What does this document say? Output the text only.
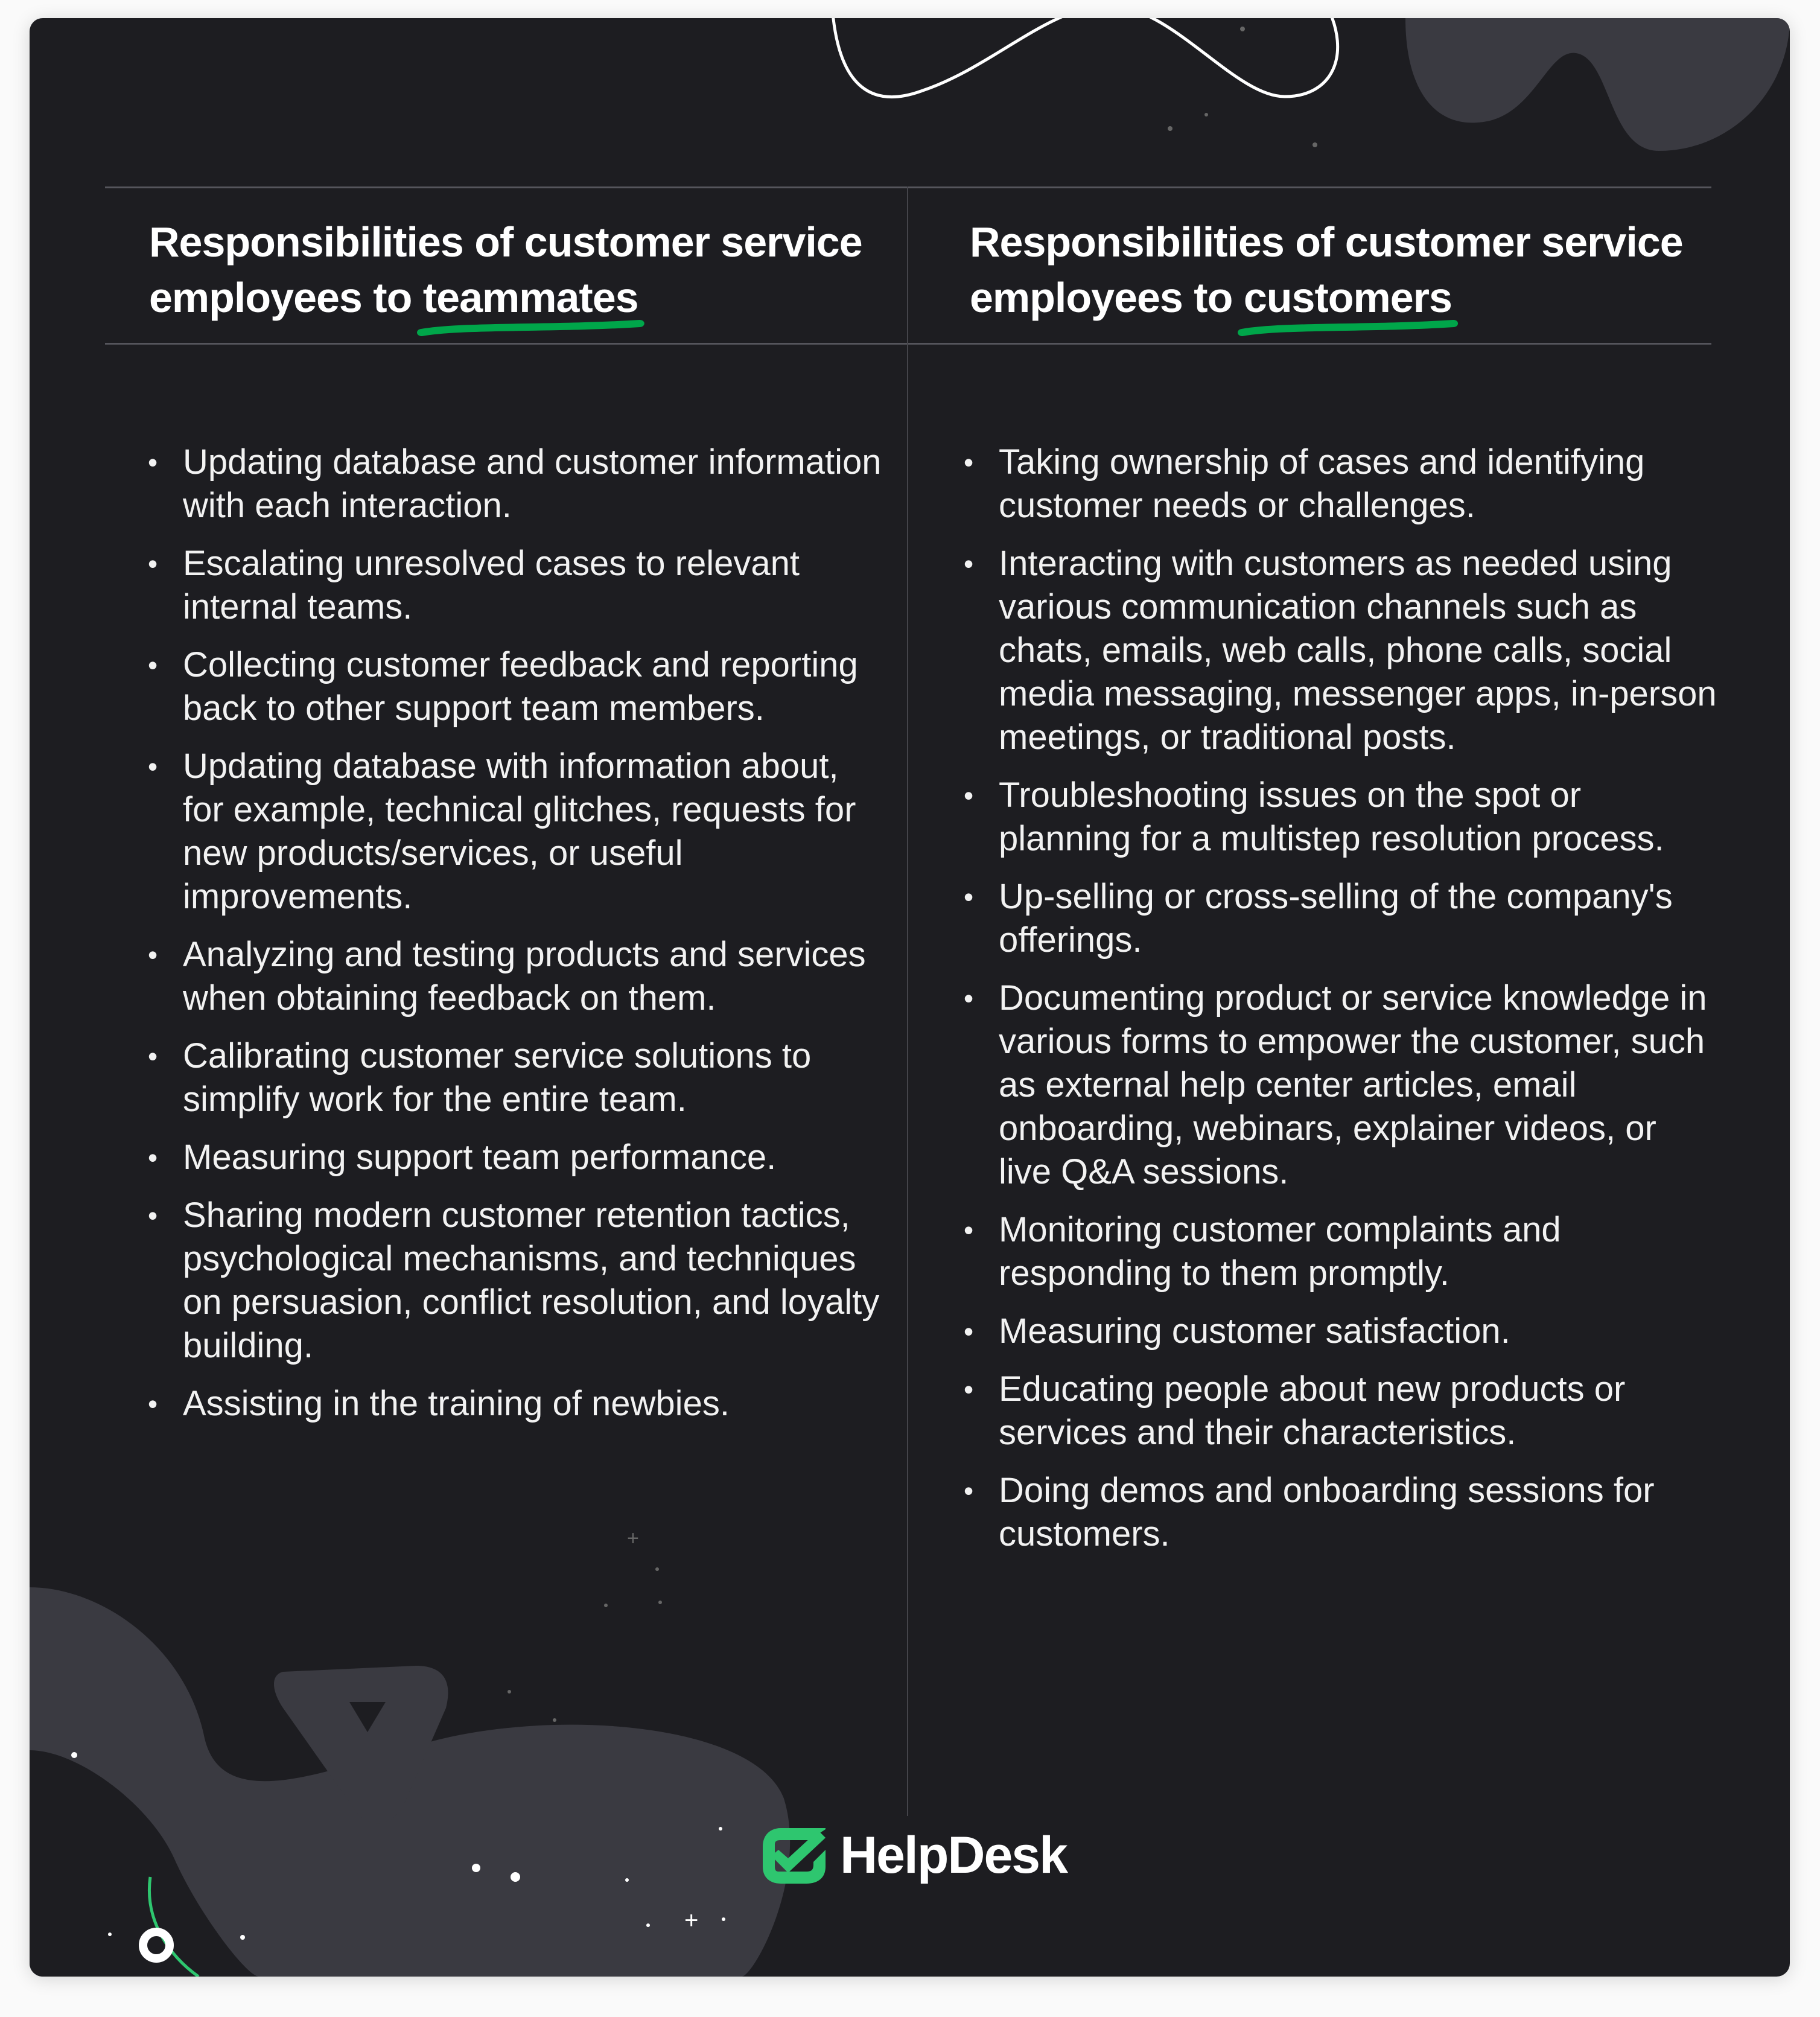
+
+
Responsibilities of customer service employees to teammates
Responsibilities of customer service employees to customers
• Updating database and customer information with each interaction.
• Escalating unresolved cases to relevant internal teams.
• Collecting customer feedback and reporting back to other support team members.
• Updating database with information about, for example, technical glitches, requests for new products/services, or useful improvements.
• Analyzing and testing products and services when obtaining feedback on them.
• Calibrating customer service solutions to simplify work for the entire team.
• Measuring support team performance.
• Sharing modern customer retention tactics, psychological mechanisms, and techniques on persuasion, conflict resolution, and loyalty building.
• Assisting in the training of newbies.
• Taking ownership of cases and identifying customer needs or challenges.
• Interacting with customers as needed using various communication channels such as chats, emails, web calls, phone calls, social media messaging, messenger apps, in-person meetings, or traditional posts.
• Troubleshooting issues on the spot or planning for a multistep resolution process.
• Up-selling or cross-selling of the company's offerings.
• Documenting product or service knowledge in various forms to empower the customer, such as external help center articles, email onboarding, webinars, explainer videos, or live Q&A sessions.
• Monitoring customer complaints and responding to them promptly.
• Measuring customer satisfaction.
• Educating people about new products or services and their characteristics.
• Doing demos and onboarding sessions for customers.
HelpDesk
